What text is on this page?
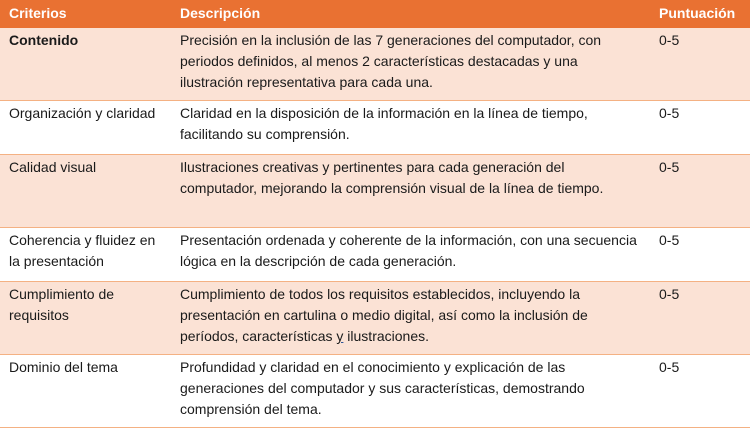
Criterios	Descripción	Puntuación
Contenido	Precisión en la inclusión de las 7 generaciones del computador, con periodos definidos, al menos 2 características destacadas y una ilustración representativa para cada una.	0-5
Organización y claridad	Claridad en la disposición de la información en la línea de tiempo, facilitando su comprensión.	0-5
Calidad visual	Ilustraciones creativas y pertinentes para cada generación del computador, mejorando la comprensión visual de la línea de tiempo.	0-5
Coherencia y fluidez en la presentación	Presentación ordenada y coherente de la información, con una secuencia lógica en la descripción de cada generación.	0-5
Cumplimiento de requisitos	Cumplimiento de todos los requisitos establecidos, incluyendo la presentación en cartulina o medio digital, así como la inclusión de períodos, características y ilustraciones.	0-5
Dominio del tema	Profundidad y claridad en el conocimiento y explicación de las generaciones del computador y sus características, demostrando comprensión del tema.	0-5
